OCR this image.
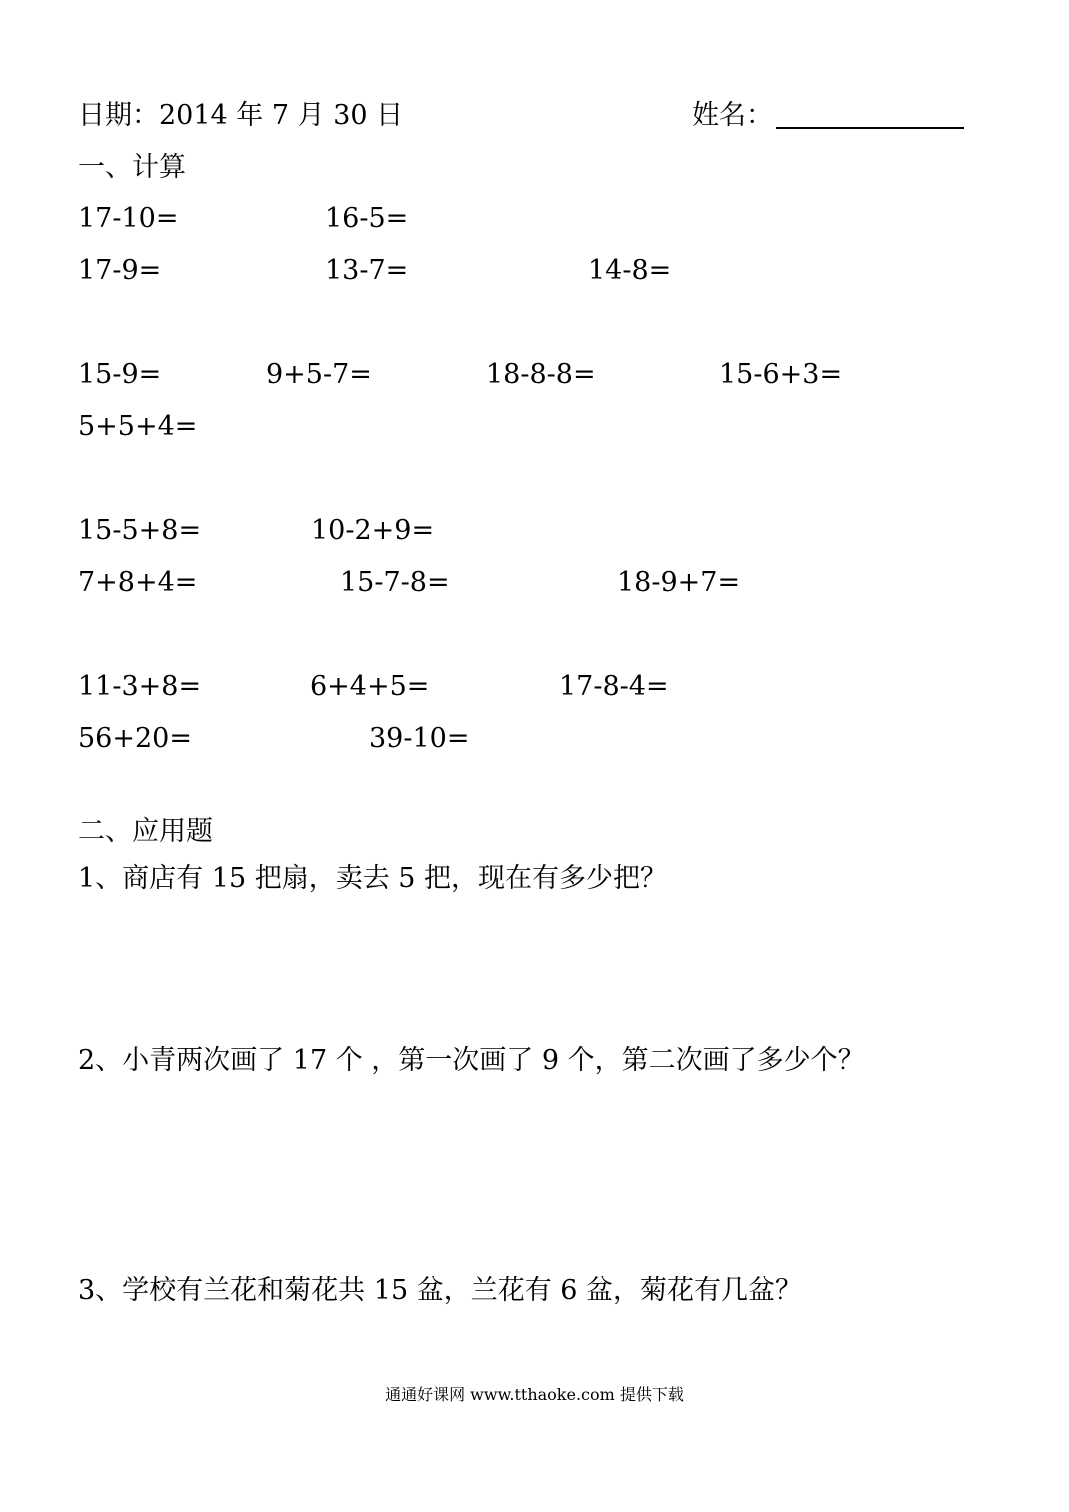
日期：2014 年 7 月 30 日	姓名：
一、计算
17-10=	16-5=
17-9=	13-7=	14-8=
15-9=	9+5-7=	18-8-8=	15-6+3=
5+5+4=
15-5+8=	10-2+9=
7+8+4=	15-7-8=	18-9+7=
11-3+8=	6+4+5=	17-8-4=
56+20=	39-10=
二、应用题
1、商店有 15 把扇，卖去 5 把，现在有多少把？
2、小青两次画了 17 个 ，第一次画了 9 个，第二次画了多少个？
3、学校有兰花和菊花共 15 盆，兰花有 6 盆，菊花有几盆？
通通好课网 www.tthaoke.com 提供下载
